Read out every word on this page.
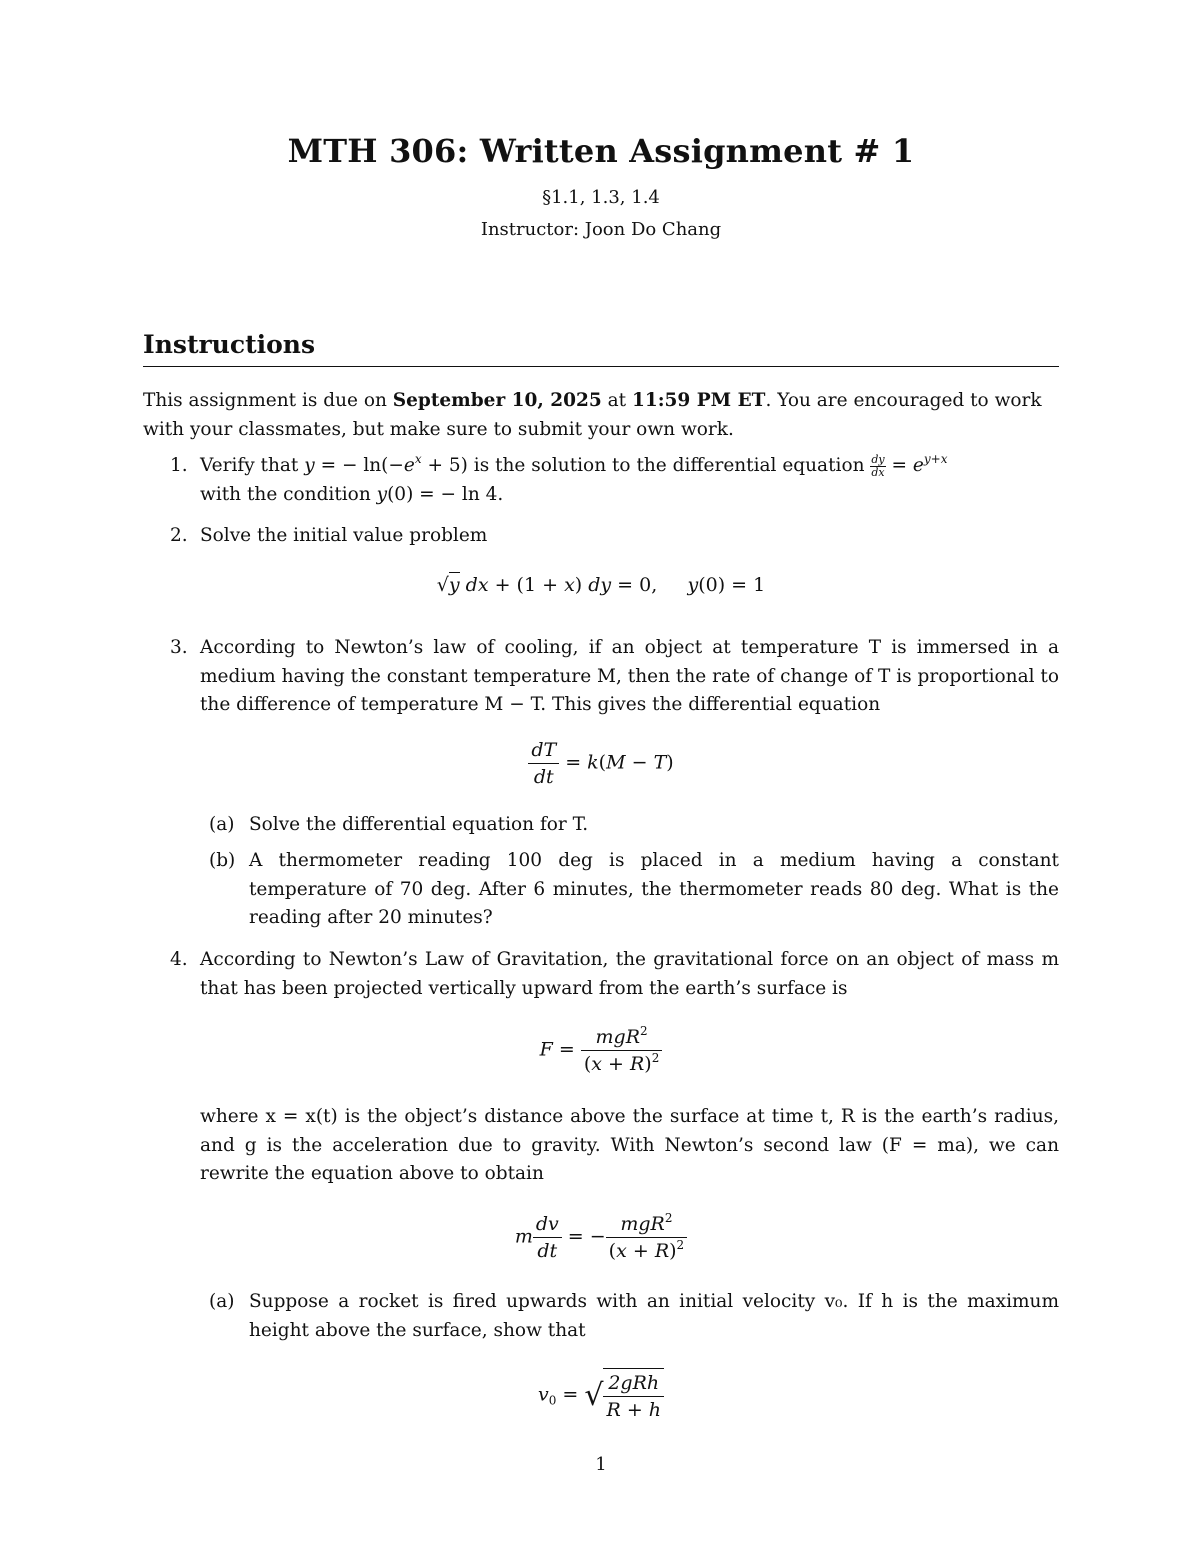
MTH 306: Written Assignment # 1
§1.1, 1.3, 1.4
Instructor: Joon Do Chang
Instructions
This assignment is due on September 10, 2025 at 11:59 PM ET. You are encouraged to work with your classmates, but make sure to submit your own work.
1. Verify that y = − $\ln(-e^x + 5)$ is the solution to the differential equation $\frac{dy}{dx} = e^{y+x}$
with the condition y(0) = − ln 4.
2. Solve the initial value problem
√y dx + (1 + x) dy = 0,     y(0) = 1
3. According to Newton’s law of cooling, if an object at temperature T is immersed in a medium having the constant temperature M, then the rate of change of T is proportional to the difference of temperature M − T. This gives the differential equation
$\frac{dT}{dt} = k(M - T)$
(a) Solve the differential equation for T.
(b) A thermometer reading 100 deg is placed in a medium having a constant temperature of 70 deg. After 6 minutes, the thermometer reads 80 deg. What is the reading after 20 minutes?
4. According to Newton’s Law of Gravitation, the gravitational force on an object of mass m that has been projected vertically upward from the earth’s surface is
$F = \frac{mgR^2}{(x + R)^2}$
where x = x(t) is the object’s distance above the surface at time t, R is the earth’s radius, and g is the acceleration due to gravity. With Newton’s second law (F = ma), we can rewrite the equation above to obtain
m $\frac{dv}{dt}$ = − $\frac{mgR^2}{(x + R)^2}$
(a) Suppose a rocket is fired upwards with an initial velocity v₀. If h is the maximum height above the surface, show that
$v_0$ = √ $\frac{\text{2gRh}}{R + h}$
1
